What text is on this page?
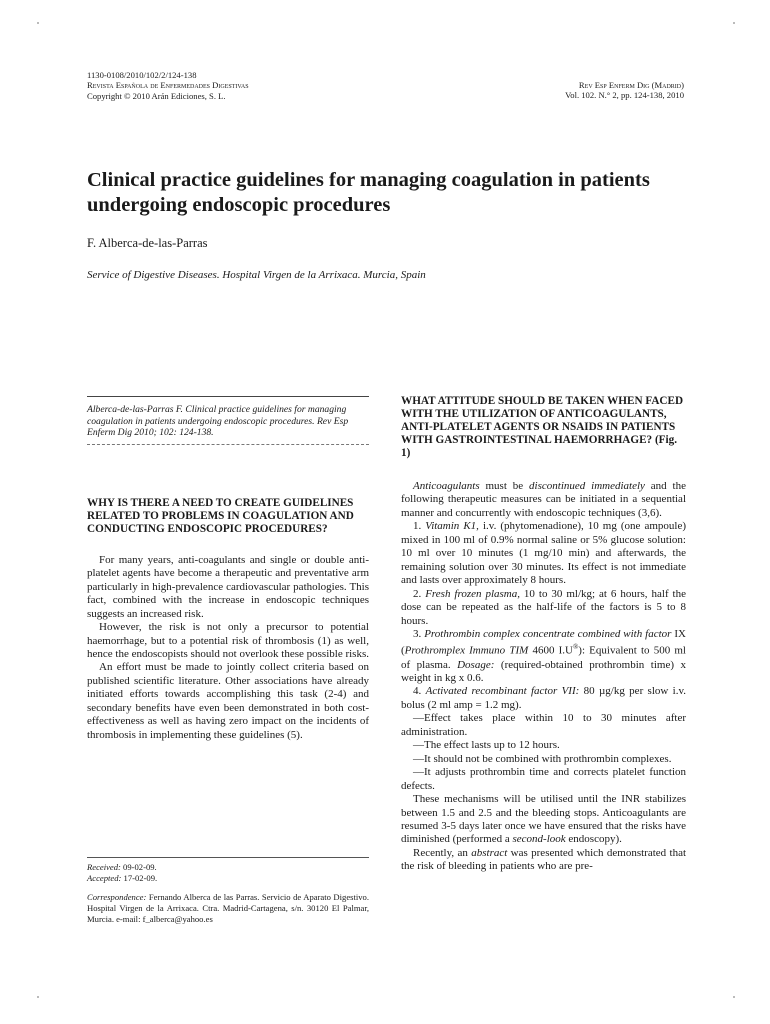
1130-0108/2010/102/2/124-138
Revista Española de Enfermedades Digestivas
Copyright © 2010 Arán Ediciones, S. L.
Rev Esp Enferm Dig (Madrid)
Vol. 102. N.° 2, pp. 124-138, 2010
Clinical practice guidelines for managing coagulation in patients undergoing endoscopic procedures
F. Alberca-de-las-Parras
Service of Digestive Diseases. Hospital Virgen de la Arrixaca. Murcia, Spain
Alberca-de-las-Parras F. Clinical practice guidelines for managing coagulation in patients undergoing endoscopic procedures. Rev Esp Enferm Dig 2010; 102: 124-138.
WHY IS THERE A NEED TO CREATE GUIDELINES RELATED TO PROBLEMS IN COAGULATION AND CONDUCTING ENDOSCOPIC PROCEDURES?

For many years, anti-coagulants and single or double anti-platelet agents have become a therapeutic and preventative arm particularly in high-prevalence cardiovascular pathologies. This fact, combined with the increase in endoscopic techniques suggests an increased risk.

However, the risk is not only a precursor to potential haemorrhage, but to a potential risk of thrombosis (1) as well, hence the endoscopists should not overlook these possible risks.

An effort must be made to jointly collect criteria based on published scientific literature. Other associations have already initiated efforts towards accomplishing this task (2-4) and secondary benefits have even been demonstrated in both cost-effectiveness as well as having zero impact on the incidents of thrombosis in implementing these guidelines (5).

Received: 09-02-09.

Accepted: 17-02-09.

Correspondence: Fernando Alberca de las Parras. Servicio de Aparato Digestivo. Hospital Virgen de la Arrixaca. Ctra. Madrid-Cartagena, s/n. 30120 El Palmar, Murcia. e-mail: f_alberca@yahoo.es

WHAT ATTITUDE SHOULD BE TAKEN WHEN FACED WITH THE UTILIZATION OF ANTICOAGULANTS, ANTI-PLATELET AGENTS OR NSAIDS IN PATIENTS WITH GASTROINTESTINAL HAEMORRHAGE? (Fig. 1)

Anticoagulants must be discontinued immediately and the following therapeutic measures can be initiated in a sequential manner and concurrently with endoscopic techniques (3,6).

1. Vitamin K1, i.v. (phytomenadione), 10 mg (one ampoule) mixed in 100 ml of 0.9% normal saline or 5% glucose solution: 10 ml over 10 minutes (1 mg/10 min) and afterwards, the remaining solution over 30 minutes. Its effect is not immediate and lasts over approximately 8 hours.

2. Fresh frozen plasma, 10 to 30 ml/kg; at 6 hours, half the dose can be repeated as the half-life of the factors is 5 to 8 hours.

3. Prothrombin complex concentrate combined with factor IX (Prothromplex Immuno TIM 4600 I.U®): Equivalent to 500 ml of plasma. Dosage: (required-obtained prothrombin time) x weight in kg x 0.6.

4. Activated recombinant factor VII: 80 µg/kg per slow i.v. bolus (2 ml amp = 1.2 mg).

—Effect takes place within 10 to 30 minutes after administration.

—The effect lasts up to 12 hours.

—It should not be combined with prothrombin complexes.

—It adjusts prothrombin time and corrects platelet function defects.

These mechanisms will be utilised until the INR stabilizes between 1.5 and 2.5 and the bleeding stops. Anticoagulants are resumed 3-5 days later once we have ensured that the risks have diminished (performed a second-look endoscopy).

Recently, an abstract was presented which demonstrated that the risk of bleeding in patients who are pre-
